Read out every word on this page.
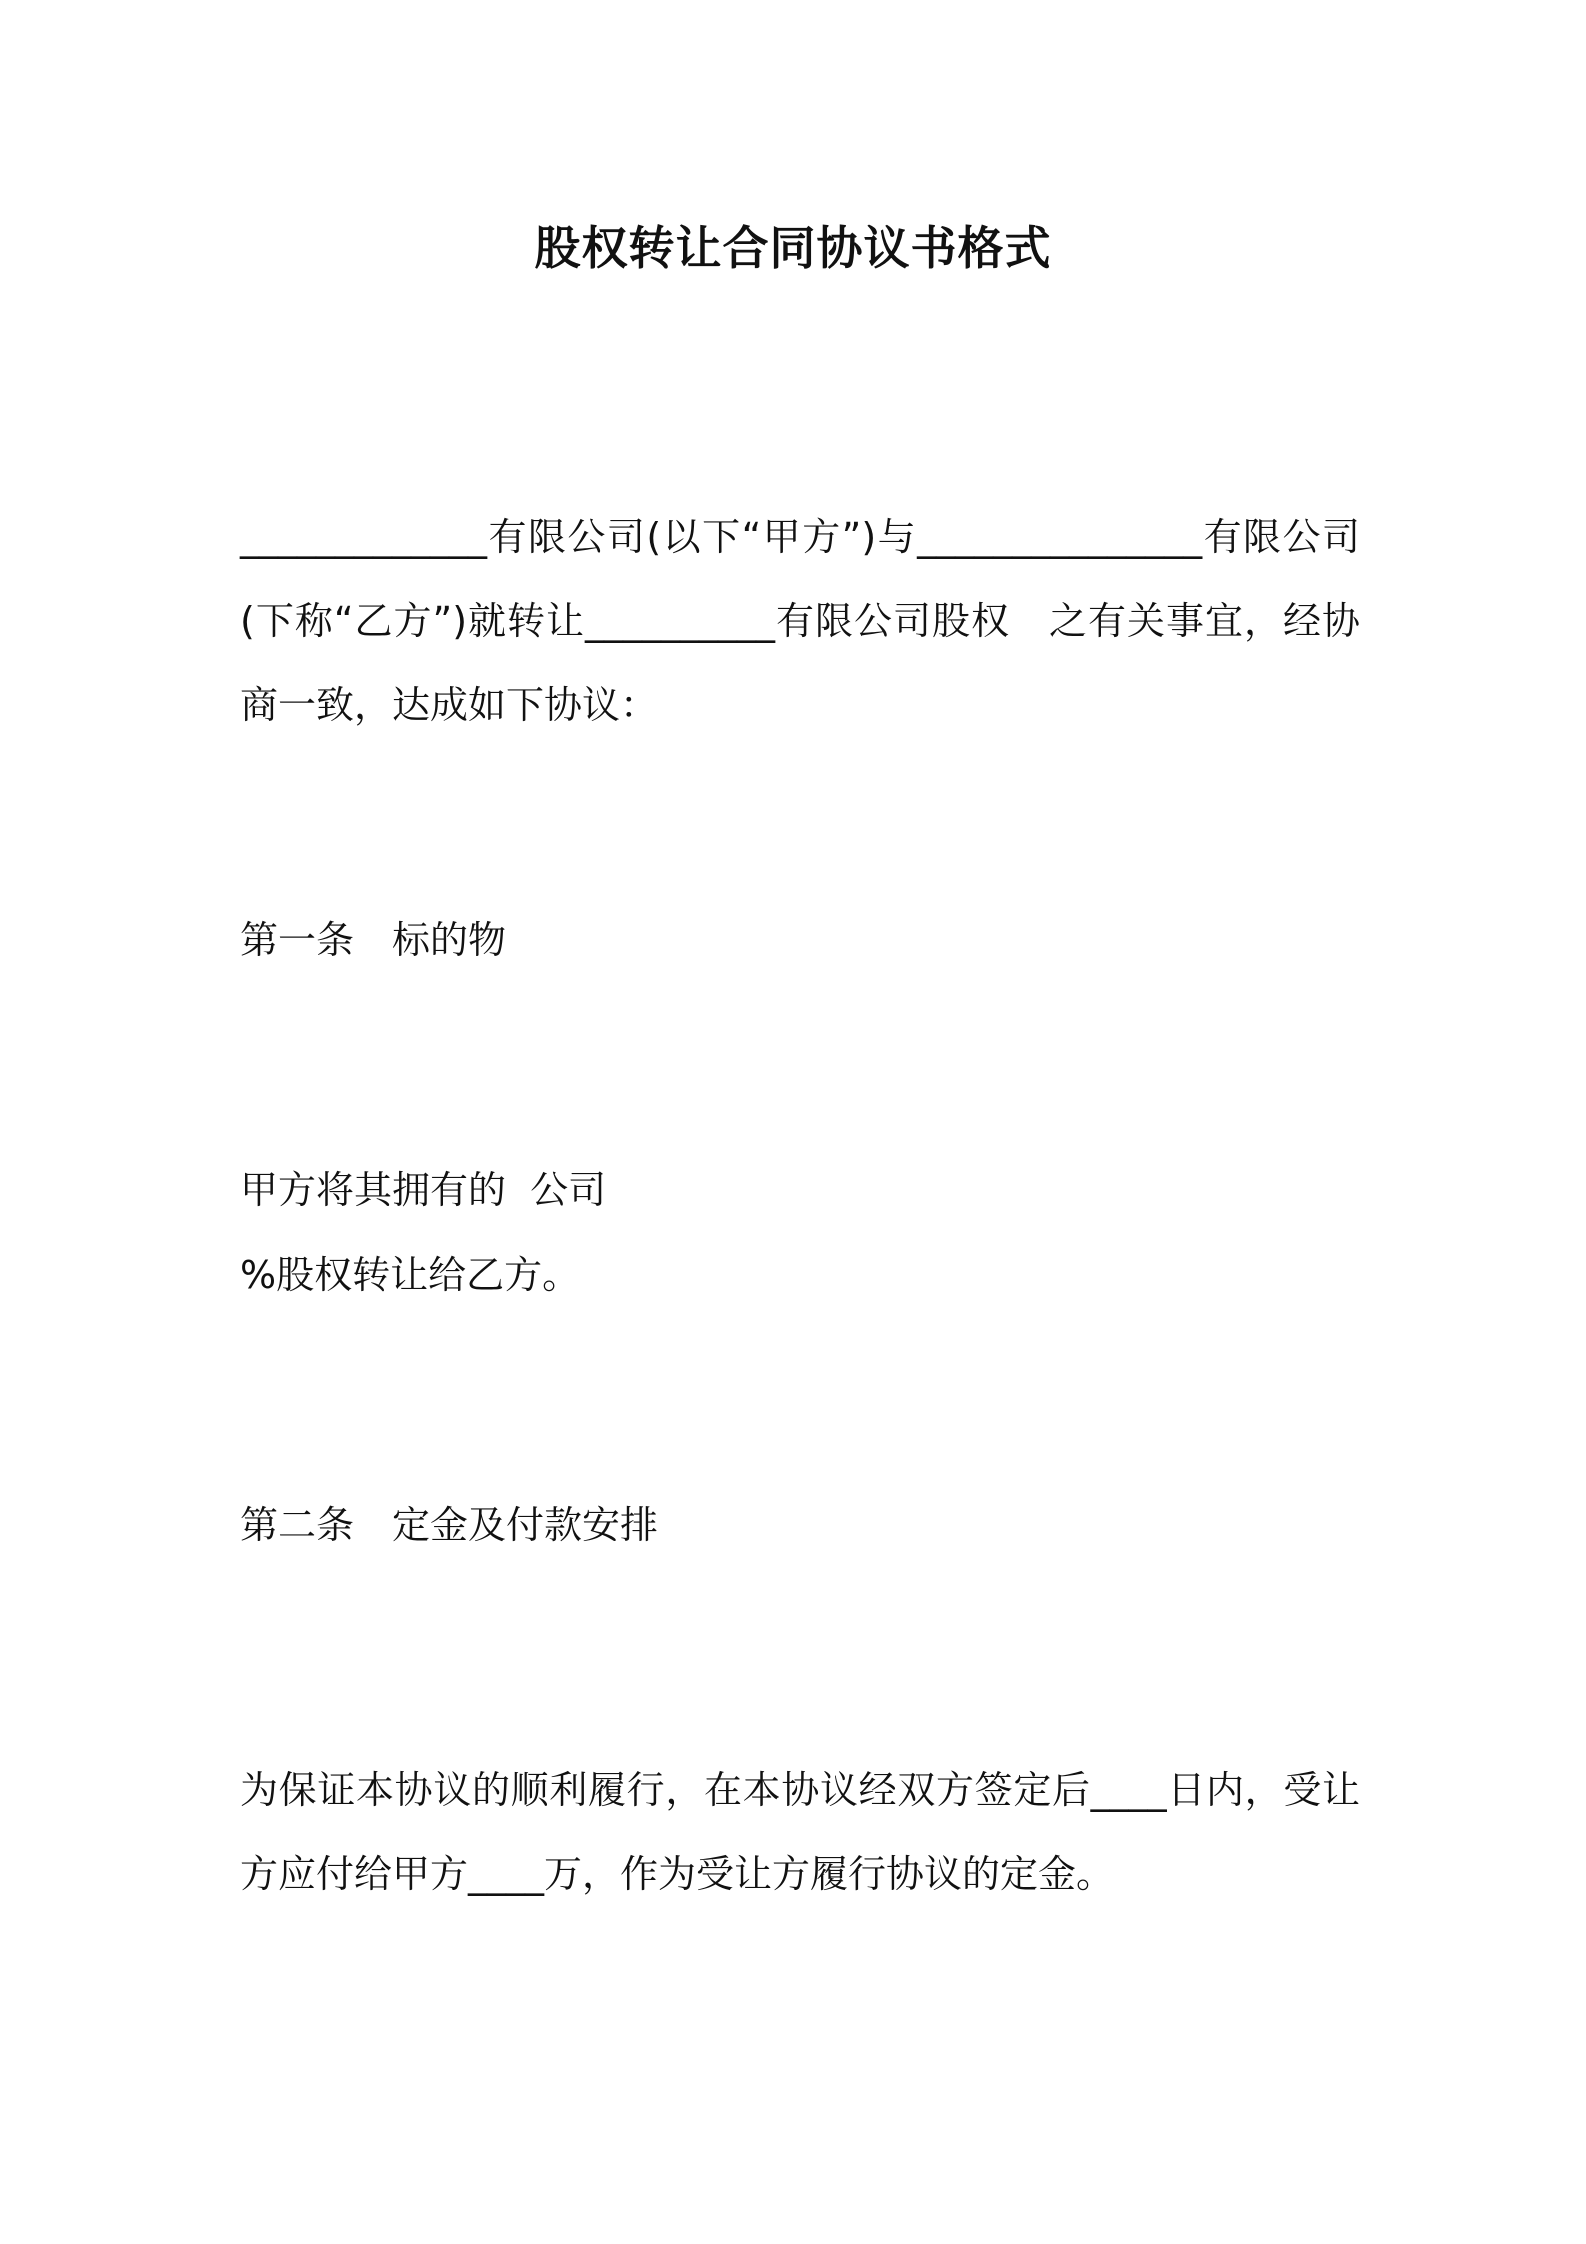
股权转让合同协议书格式

_____________有限公司(以下“甲方”)与_______________有限公司(下称“乙方”)就转让__________有限公司股权　之有关事宜，经协商一致，达成如下协议：

第一条　标的物

甲方将其拥有的  公司

%股权转让给乙方。

第二条　定金及付款安排

为保证本协议的顺利履行，在本协议经双方签定后____日内，受让方应付给甲方____万，作为受让方履行协议的定金。
